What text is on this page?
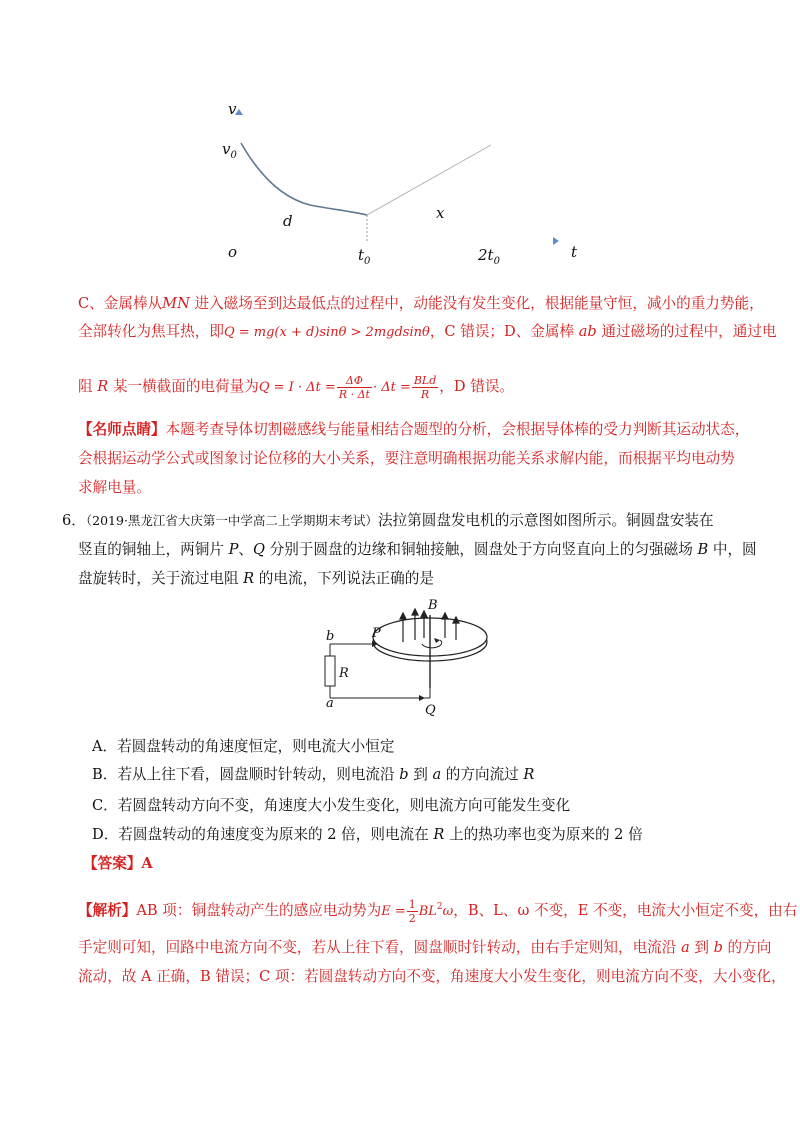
v
$v_0$
d	x
o	$t_0$	$2t_0$
t
C、金属棒从MN 进入磁场至到达最低点的过程中，动能没有发生变化，根据能量守恒，减小的重力势能，
全部转化为焦耳热，即Q = mg(x + d)sinθ > 2mgdsinθ，C 错误；D、金属棒 ab 通过磁场的过程中，通过电
阻 R 某一横截面的电荷量为$Q = I \cdot \Delta t = \frac{\Delta\Phi}{R \cdot \Delta t} \cdot \Delta t = \frac{\text{BLd}}{R}$ ，D 错误。
【名师点睛】本题考查导体切割磁感线与能量相结合题型的分析，会根据导体棒的受力判断其运动状态，
会根据运动学公式或图象讨论位移的大小关系，要注意明确根据功能关系求解内能，而根据平均电动势
求解电量。
6．（2019·黑龙江省大庆第一中学高二上学期期末考试）法拉第圆盘发电机的示意图如图所示。铜圆盘安装在
竖直的铜轴上，两铜片 P、Q 分别于圆盘的边缘和铜轴接触，圆盘处于方向竖直向上的匀强磁场 B 中，圆
盘旋转时，关于流过电阻 R 的电流，下列说法正确的是
B
b	P
R
a	Q
A．若圆盘转动的角速度恒定，则电流大小恒定
B．若从上往下看，圆盘顺时针转动，则电流沿 b 到 a 的方向流过 R
C．若圆盘转动方向不变，角速度大小发生变化，则电流方向可能发生变化
D．若圆盘转动的角速度变为原来的 2 倍，则电流在 R 上的热功率也变为原来的 2 倍
【答案】A
【解析】AB 项：铜盘转动产生的感应电动势为$E = \frac{1}{2} BL^2\omega$，B、L、ω 不变，E 不变，电流大小恒定不变，由右
手定则可知，回路中电流方向不变，若从上往下看，圆盘顺时针转动，由右手定则知，电流沿 a 到 b 的方向
流动，故 A 正确，B 错误；C 项：若圆盘转动方向不变，角速度大小发生变化，则电流方向不变，大小变化，
